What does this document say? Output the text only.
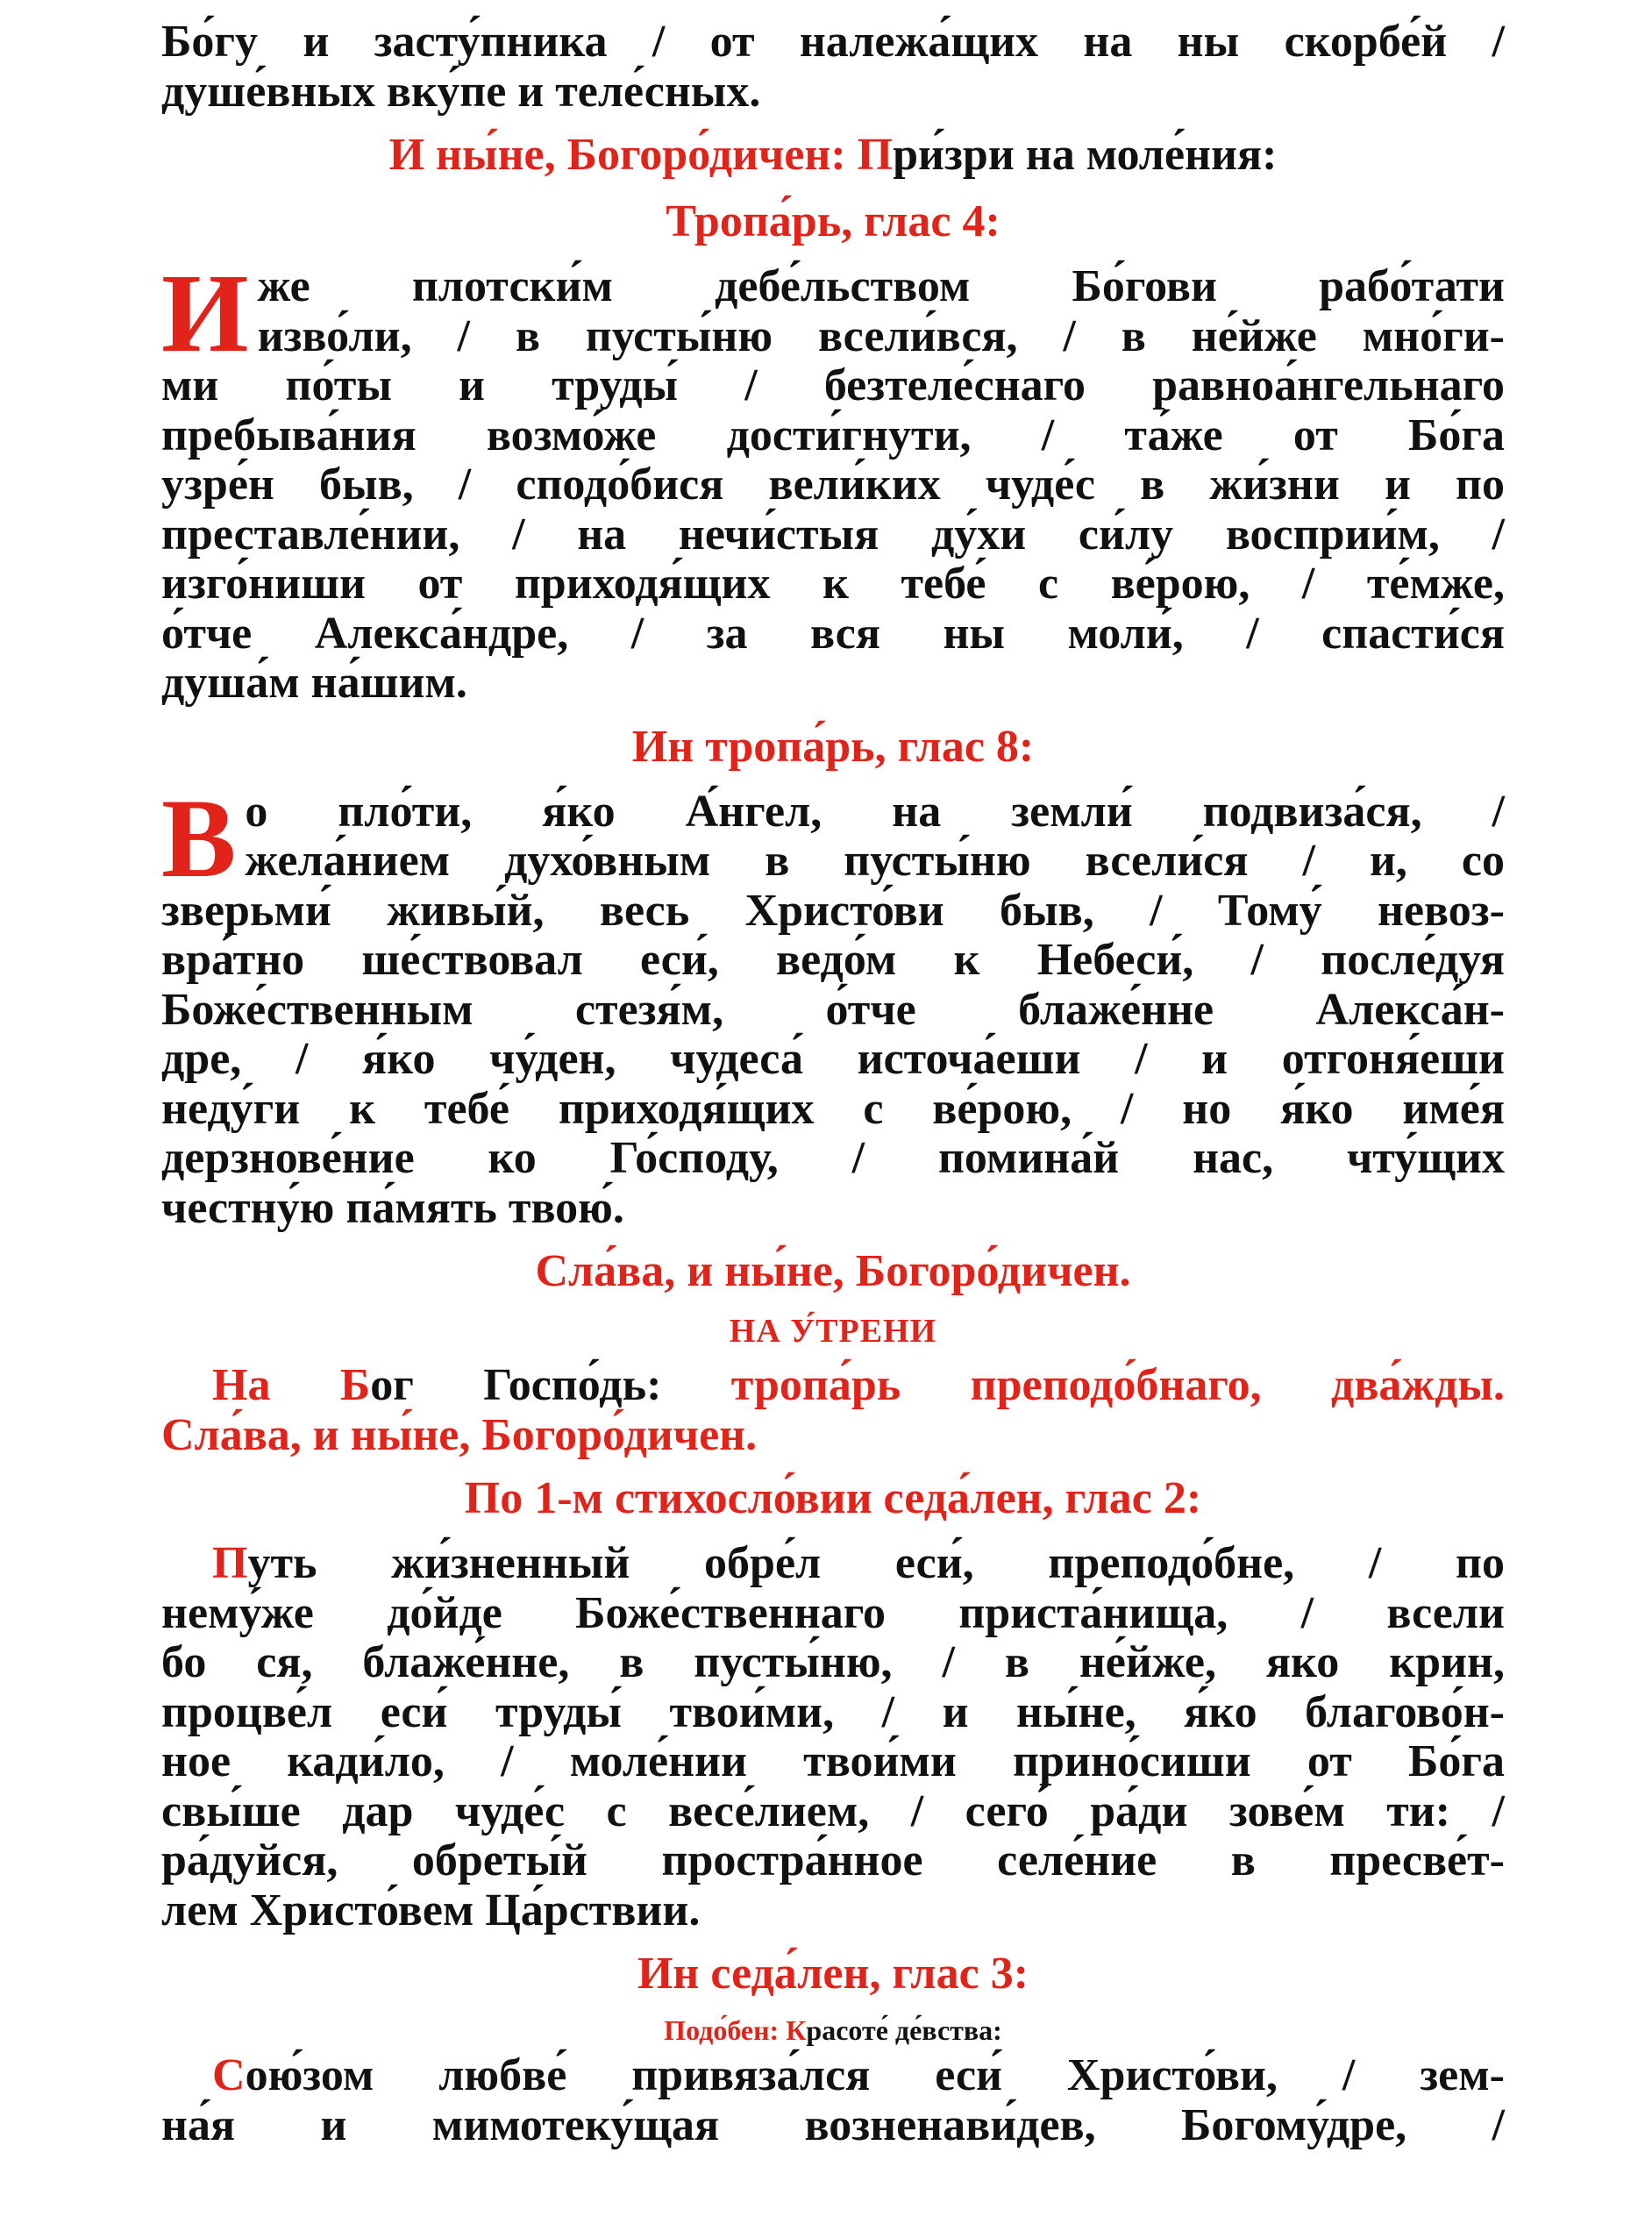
Бо́гу и засту́пника / от належа́щих на ны скорбе́й /

душе́вных вку́пе и теле́сных.

И ны́не, Богоро́дичен: При́зри на моле́ния:
Тропа́рь, глас 4:
И же плотски́м дебе́льством Бо́гови рабо́тати

изво́ли, / в пусты́ню всели́вся, / в не́йже мно́ги-

ми по́ты и труды́ / безтеле́снаго равноа́нгельнаго

пребыва́ния возмо́же дости́гнути, / та́же от Бо́га

узре́н быв, / сподо́бися вели́ких чуде́с в жи́зни и по

преставле́нии, / на нечи́стыя ду́хи си́лу восприи́м, /

изго́ниши от приходя́щих к тебе́ с ве́рою, / те́мже,

о́тче Алекса́ндре, / за вся ны моли́, / спасти́ся

душа́м на́шим.

Ин тропа́рь, глас 8:
В о пло́ти, я́ко А́нгел, на земли́ подвиза́ся, /

жела́нием духо́вным в пусты́ню всели́ся / и, со

зверьми́ живы́й, весь Христо́ви быв, / Тому́ невоз-

вра́тно ше́ствовал еси́, ведо́м к Небеси́, / после́дуя

Боже́ственным стезя́м, о́тче блаже́нне Алекса́н-

дре, / я́ко чу́ден, чудеса́ источа́еши / и отгоня́еши

неду́ги к тебе́ приходя́щих с ве́рою, / но я́ко име́я

дерзнове́ние ко Го́споду, / помина́й нас, чту́щих

честну́ю па́мять твою́.

Сла́ва, и ны́не, Богоро́дичен.
НА У́ТРЕНИ

На Бог Госпо́дь: тропа́рь преподо́бнаго, два́жды.

Сла́ва, и ны́не, Богоро́дичен.

По 1-м стихосло́вии седа́лен, глас 2:

Путь жи́зненный обре́л еси́, преподо́бне, / по

нему́же до́йде Боже́ственнаго приста́нища, / всели

бо ся, блаже́нне, в пусты́ню, / в не́йже, яко крин,

процве́л еси́ труды́ твои́ми, / и ны́не, я́ко благово́н-

ное кади́ло, / моле́нии твои́ми прино́сиши от Бо́га

свы́ше дар чуде́с с весе́лием, / сего́ ра́ди зове́м ти: /

ра́дуйся, обреты́й простра́нное селе́ние в пресве́т-

лем Христо́вем Ца́рствии.

Ин седа́лен, глас 3:
Подо́бен: Красоте́ де́вства:

Сою́зом любве́ привяза́лся еси́ Христо́ви, / зем-

на́я и мимотеку́щая возненави́дев, Богому́дре, /
